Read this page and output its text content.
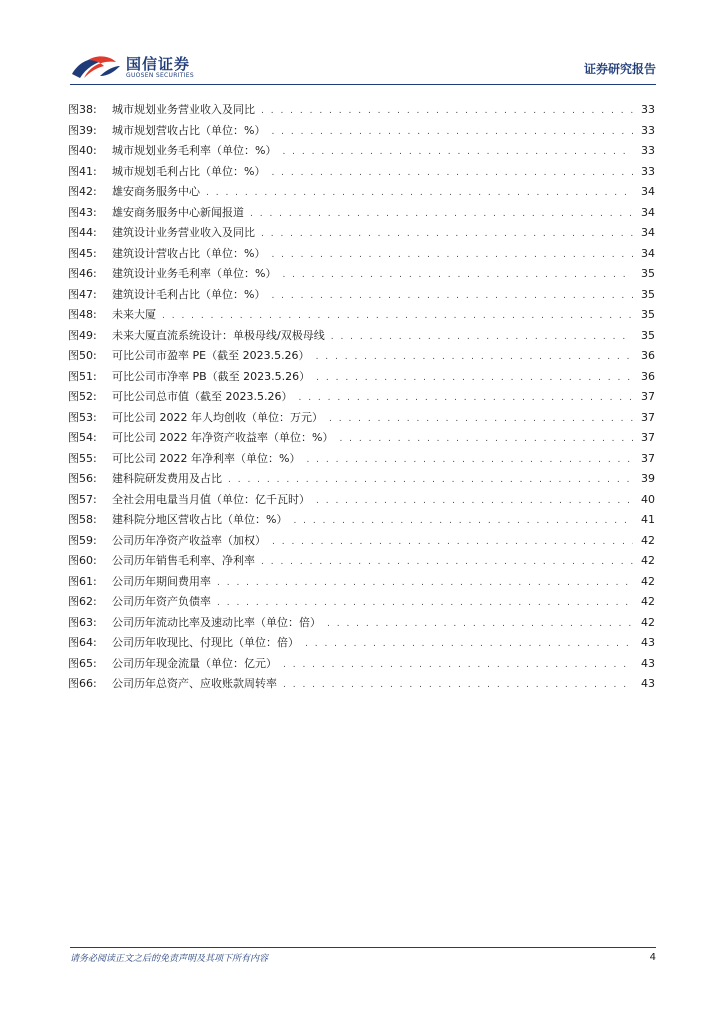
国信证券
GUOSEN SECURITIES	证券研究报告
图38:	城市规划业务营业收入及同比 . . .	33
图39:	城市规划营收占比（单位：%） . . .	33
图40:	城市规划业务毛利率（单位：%） . . .	33
图41:	城市规划毛利占比（单位：%） . . .	33
图42:	雄安商务服务中心 . . .	34
图43:	雄安商务服务中心新闻报道 . . .	34
图44:	建筑设计业务营业收入及同比 . . .	34
图45:	建筑设计营收占比（单位：%） . . .	34
图46:	建筑设计业务毛利率（单位：%） . . .	35
图47:	建筑设计毛利占比（单位：%） . . .	35
图48:	未来大厦 . . .	35
图49:	未来大厦直流系统设计：单极母线/双极母线 . . .	35
图50:	可比公司市盈率 PE（截至 2023.5.26） . . .	36
图51:	可比公司市净率 PB（截至 2023.5.26） . . .	36
图52:	可比公司总市值（截至 2023.5.26） . . .	37
图53:	可比公司 2022 年人均创收（单位：万元） . . .	37
图54:	可比公司 2022 年净资产收益率（单位：%） . . .	37
图55:	可比公司 2022 年净利率（单位：%） . . .	37
图56:	建科院研发费用及占比 . . .	39
图57:	全社会用电量当月值（单位：亿千瓦时） . . .	40
图58:	建科院分地区营收占比（单位：%） . . .	41
图59:	公司历年净资产收益率（加权） . . .	42
图60:	公司历年销售毛利率、净利率 . . .	42
图61:	公司历年期间费用率 . . .	42
图62:	公司历年资产负债率 . . .	42
图63:	公司历年流动比率及速动比率（单位：倍） . . .	42
图64:	公司历年收现比、付现比（单位：倍） . . .	43
图65:	公司历年现金流量（单位：亿元） . . .	43
图66:	公司历年总资产、应收账款周转率 . . .	43
请务必阅读正文之后的免责声明及其项下所有内容	4
